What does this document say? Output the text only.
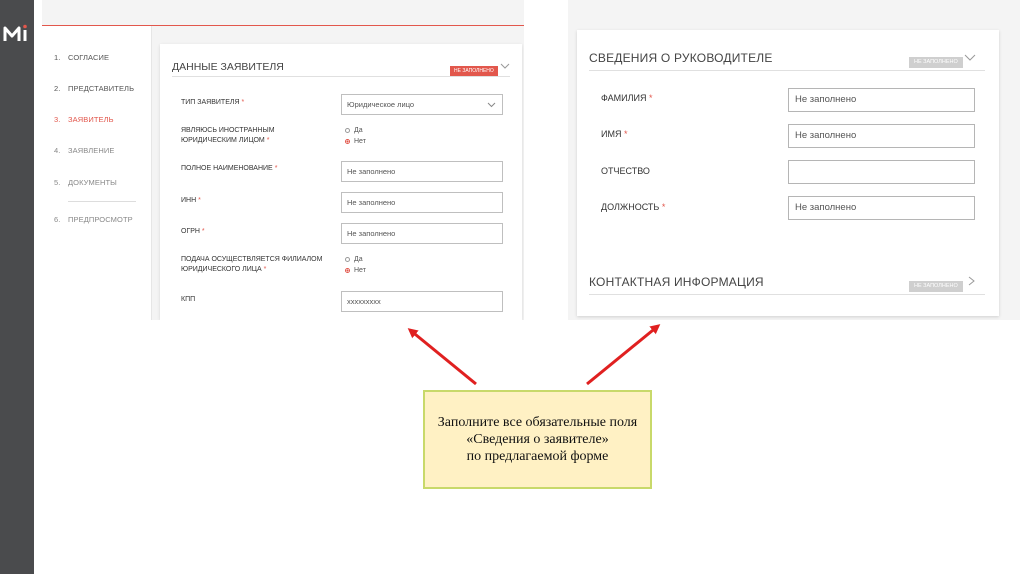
1. СОГЛАСИЕ
2. ПРЕДСТАВИТЕЛЬ
3. ЗАЯВИТЕЛЬ
4. ЗАЯВЛЕНИЕ
5. ДОКУМЕНТЫ
6. ПРЕДПРОСМОТР
ДАННЫЕ ЗАЯВИТЕЛЯ	НЕ ЗАПОЛНЕНО
ТИП ЗАЯВИТЕЛЯ *	Юридическое лицо
ЯВЛЯЮСЬ ИНОСТРАННЫМ
ЮРИДИЧЕСКИМ ЛИЦОМ *
Да
Нет
ПОЛНОЕ НАИМЕНОВАНИЕ *	Не заполнено
ИНН *	Не заполнено
ОГРН *	Не заполнено
ПОДАЧА ОСУЩЕСТВЛЯЕТСЯ ФИЛИАЛОМ
ЮРИДИЧЕСКОГО ЛИЦА *
Да
Нет
КПП	xxxxxxxxx
СВЕДЕНИЯ О РУКОВОДИТЕЛЕ	НЕ ЗАПОЛНЕНО
ФАМИЛИЯ *	Не заполнено
ИМЯ *	Не заполнено
ОТЧЕСТВО
ДОЛЖНОСТЬ *	Не заполнено
КОНТАКТНАЯ ИНФОРМАЦИЯ	НЕ ЗАПОЛНЕНО
Заполните все обязательные поля
«Сведения о заявителе»
по предлагаемой форме
